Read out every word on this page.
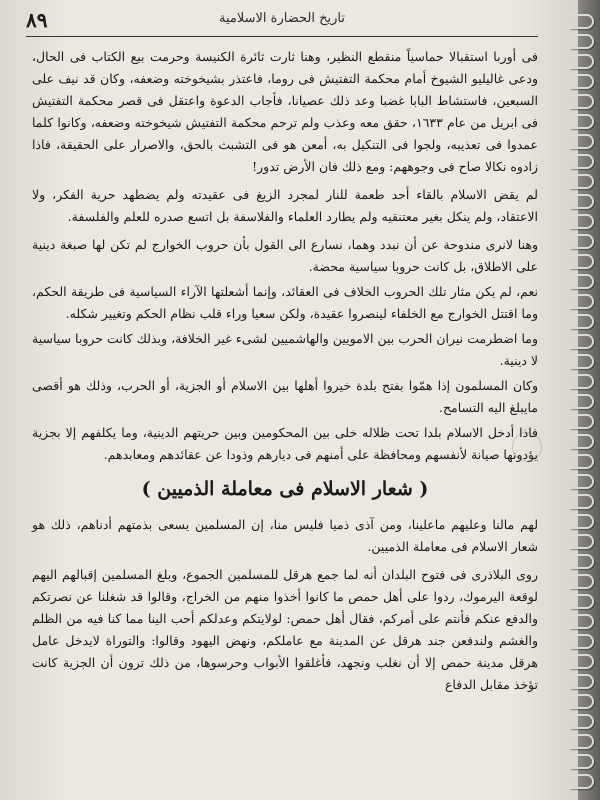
٨٩	تاريخ الحضارة الاسلامية

فى أوربا استقبالا حماسياً منقطع النظير، وهنا ثارت ثائرة الكنيسة وحرمت بيع الكتاب فى الحال، ودعى غاليليو الشيوخ أمام محكمة التفتيش فى روما، فاعتذر بشيخوخته وضعفه، وكان قد نيف على السبعين، فاستشاط البابا غضبا وعد ذلك عصيانا، فأجاب الدعوة واعتقل فى قصر محكمة التفتيش فى ابريل من عام ١٦٣٣، حقق معه وعذب ولم ترحم محكمة التفتيش شيخوخته وضعفه، وكانوا كلما عمدوا فى تعذيبه، ولجوا فى التنكيل به، أمعن هو فى التشبث بالحق، والاصرار على الحقيقة، فاذا زادوه نكالا صاح فى وجوههم: ومع ذلك فان الأرض تدور!

لم يقض الاسلام بالقاء أحد طعمة للنار لمجرد الزيغ فى عقيدته ولم يضطهد حرية الفكر، ولا الاعتقاد، ولم ينكل بغير معتنقيه ولم يطارد العلماء والفلاسفة بل اتسع صدره للعلم والفلسفة.

وهنا لانرى مندوحة عن أن نبدد وهما، نسارع الى القول بأن حروب الخوارج لم تكن لها صبغة دينية على الاطلاق، بل كانت حروبا سياسية محضة.

نعم، لم يكن مثار تلك الحروب الخلاف فى العقائد، وإنما أشعلتها الآراء السياسية فى طريقة الحكم، وما اقتتل الخوارج مع الخلفاء لينصروا عقيدة، ولكن سعيا وراء قلب نظام الحكم وتغيير شكله.

وما اضطرمت نيران الحرب بين الامويين والهاشميين لشىء غير الخلافة، وبذلك كانت حروبا سياسية لا دينية.

وكان المسلمون إذا همّوا بفتح بلدة خيروا أهلها بين الاسلام أو الجزية، أو الحرب، وذلك هو أقصى مايبلغ اليه التسامح.

فاذا أدخل الاسلام بلدا تحت ظلاله خلى بين المحكومين وبين حريتهم الدينية، وما يكلفهم إلا بجزية يؤدونها صيانة لأنفسهم ومحافظة على أمنهم فى ديارهم وذودا عن عقائدهم ومعابدهم.

( شعار الاسلام فى معاملة الذميين )

لهم مالنا وعليهم ماعلينا، ومن آذى ذميا فليس منا، إن المسلمين يسعى بذمتهم أدناهم، ذلك هو شعار الاسلام فى معاملة الذميين.

روى البلاذرى فى فتوح البلدان أنه لما جمع هرقل للمسلمين الجموع، وبلغ المسلمين إقبالهم اليهم لوقعة اليرموك، ردوا على أهل حمص ما كانوا أخذوا منهم من الخراج، وقالوا قد شغلنا عن نصرتكم والدفع عنكم فأنتم على أمركم، فقال أهل حمص: لولايتكم وعدلكم أحب الينا مما كنا فيه من الظلم والغشم ولندفعن جند هرقل عن المدينة مع عاملكم، ونهض اليهود وقالوا: والتوراة لايدخل عامل هرقل مدينة حمص إلا أن نغلب ونجهد، فأغلقوا الأبواب وحرسوها، من ذلك ترون أن الجزية كانت تؤخذ مقابل الدفاع
